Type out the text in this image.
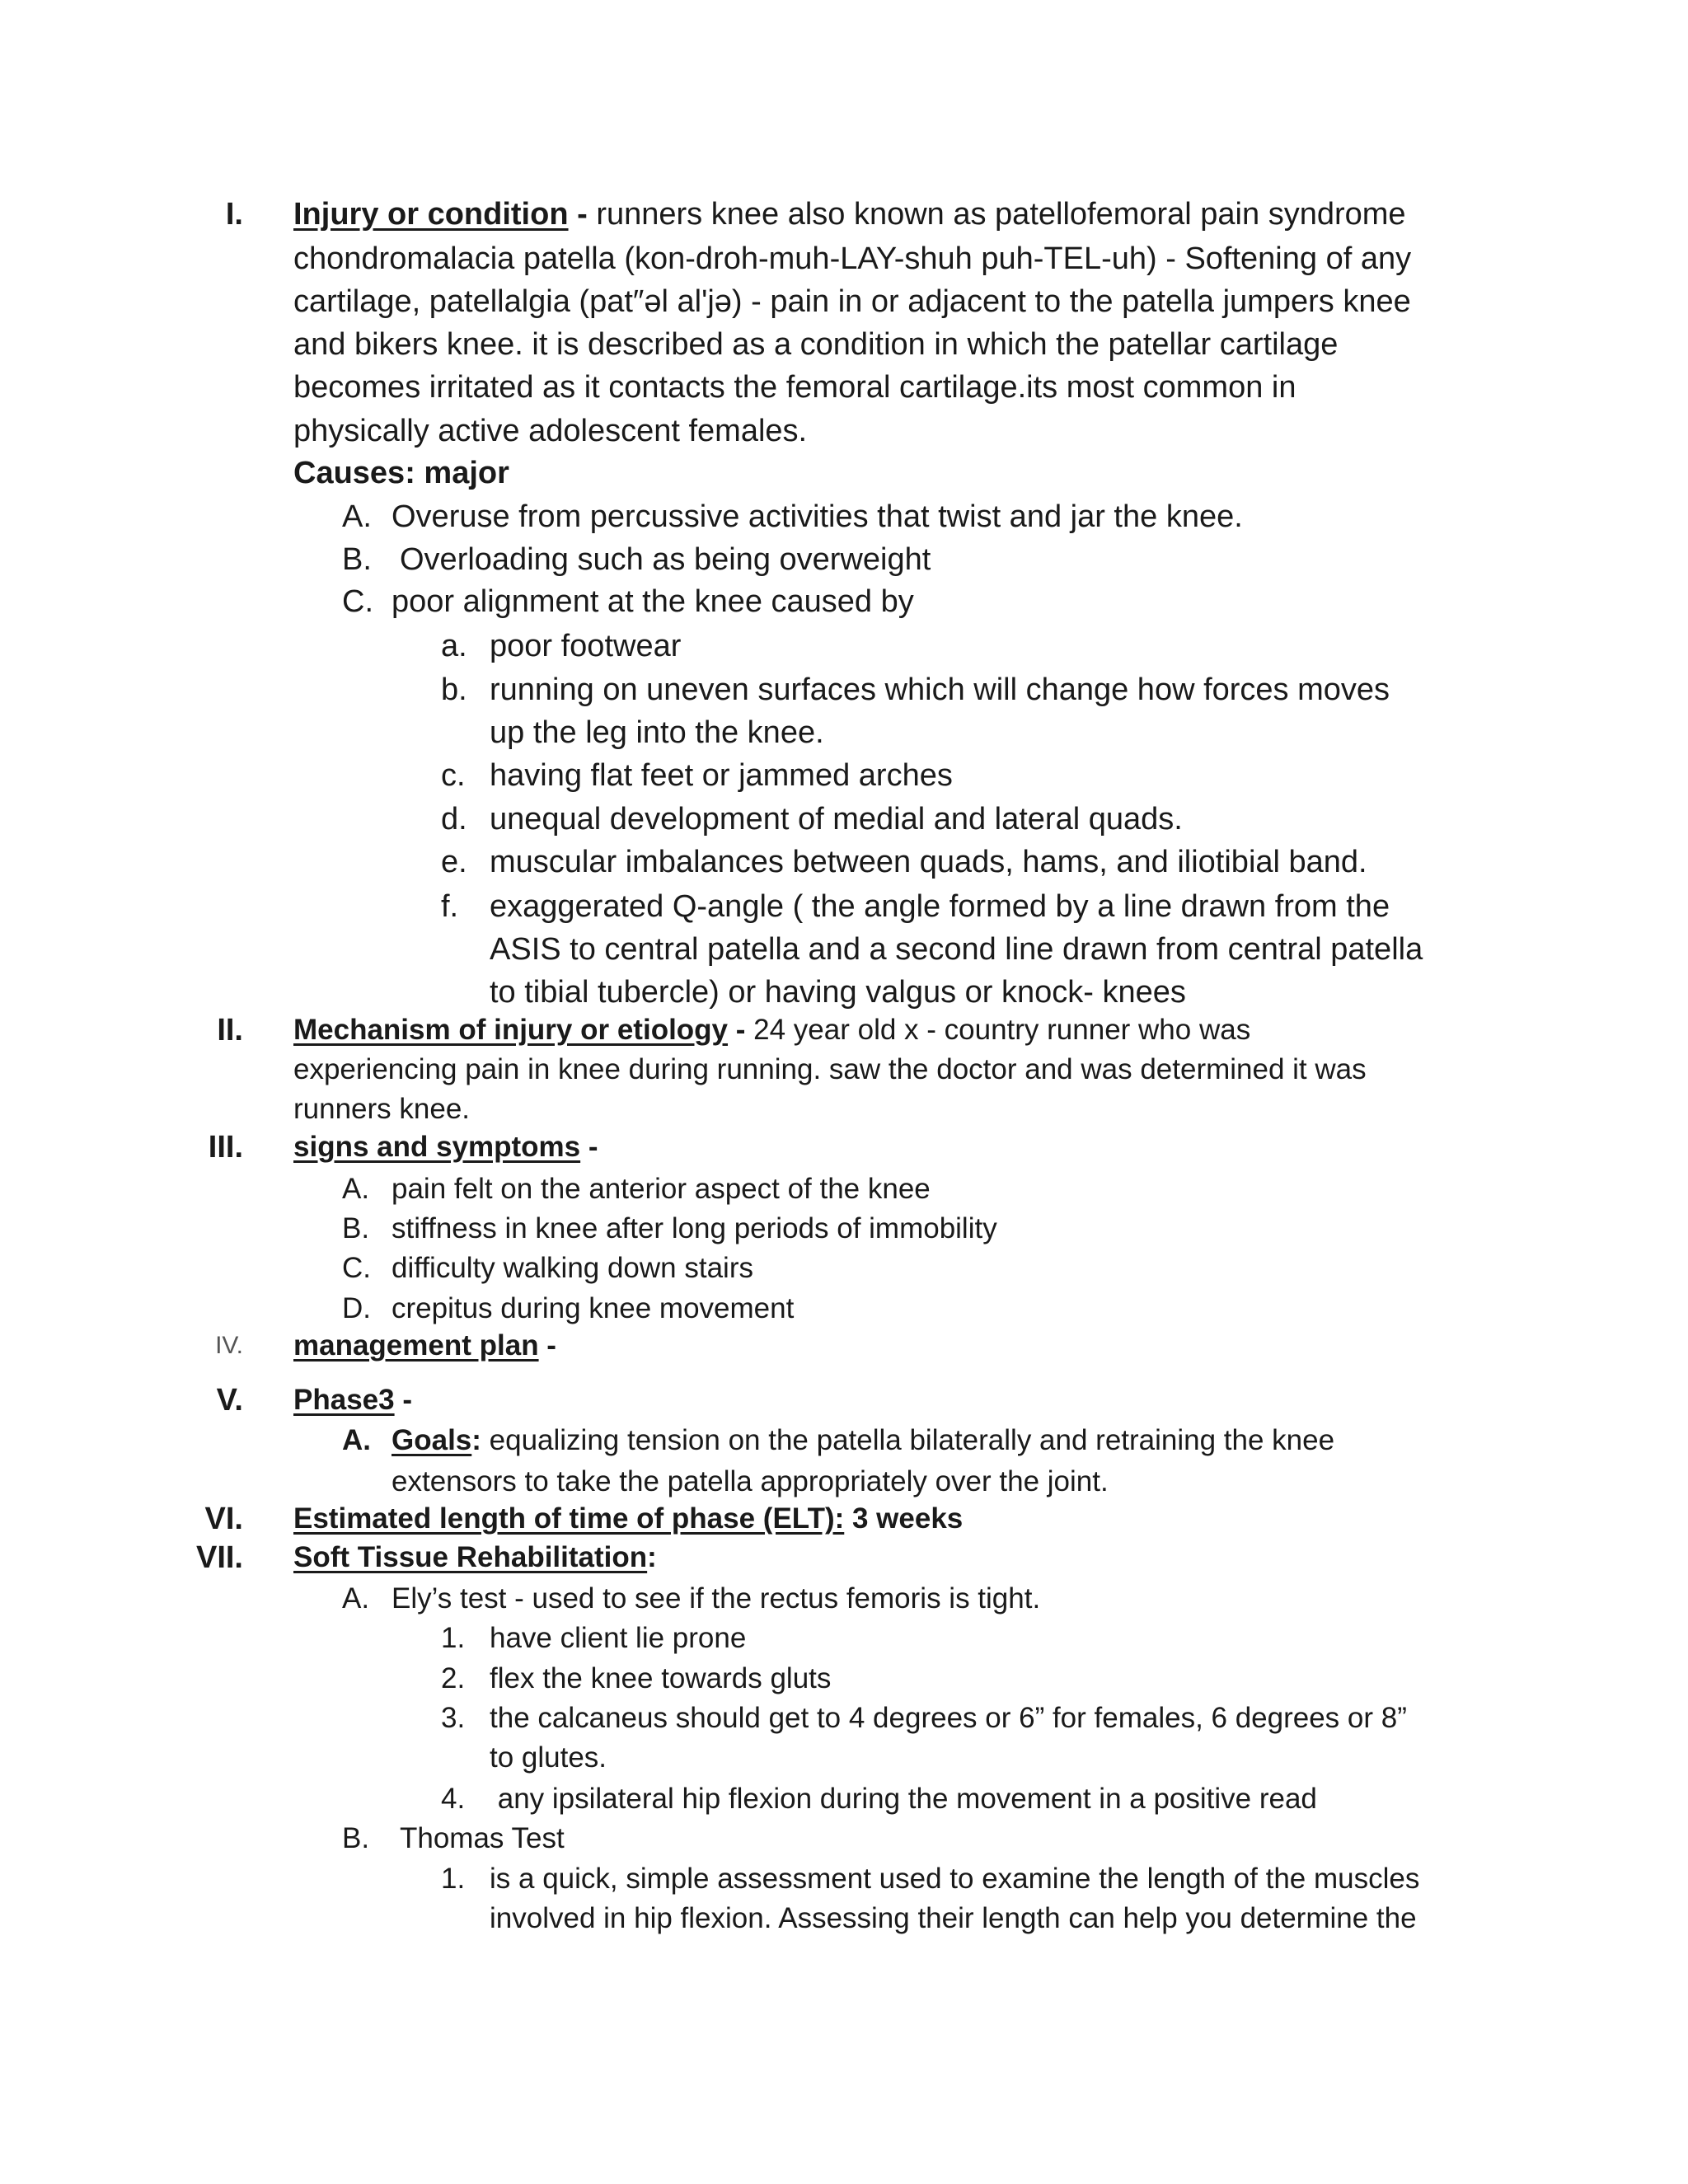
I. Injury or condition - runners knee also known as patellofemoral pain syndrome
chondromalacia patella (kon-droh-muh-LAY-shuh puh-TEL-uh) - Softening of any
cartilage, patellalgia (pat″əl alʹjə) - pain in or adjacent to the patella jumpers knee
and bikers knee. it is described as a condition in which the patellar cartilage
becomes irritated as it contacts the femoral cartilage.its most common in
physically active adolescent females.
Causes: major
A. Overuse from percussive activities that twist and jar the knee.
B. Overloading such as being overweight
C. poor alignment at the knee caused by
a. poor footwear
b. running on uneven surfaces which will change how forces moves
up the leg into the knee.
c. having flat feet or jammed arches
d. unequal development of medial and lateral quads.
e. muscular imbalances between quads, hams, and iliotibial band.
f. exaggerated Q-angle ( the angle formed by a line drawn from the
ASIS to central patella and a second line drawn from central patella
to tibial tubercle) or having valgus or knock- knees
II. Mechanism of injury or etiology - 24 year old x - country runner who was
experiencing pain in knee during running. saw the doctor and was determined it was
runners knee.
III. signs and symptoms -
A. pain felt on the anterior aspect of the knee
B. stiffness in knee after long periods of immobility
C. difficulty walking down stairs
D. crepitus during knee movement
IV. management plan -
V. Phase3 -
A. Goals: equalizing tension on the patella bilaterally and retraining the knee
extensors to take the patella appropriately over the joint.
VI. Estimated length of time of phase (ELT): 3 weeks
VII. Soft Tissue Rehabilitation:
A. Ely’s test - used to see if the rectus femoris is tight.
1. have client lie prone
2. flex the knee towards gluts
3. the calcaneus should get to 4 degrees or 6” for females, 6 degrees or 8”
to glutes.
4. any ipsilateral hip flexion during the movement in a positive read
B. Thomas Test
1. is a quick, simple assessment used to examine the length of the muscles
involved in hip flexion. Assessing their length can help you determine the
